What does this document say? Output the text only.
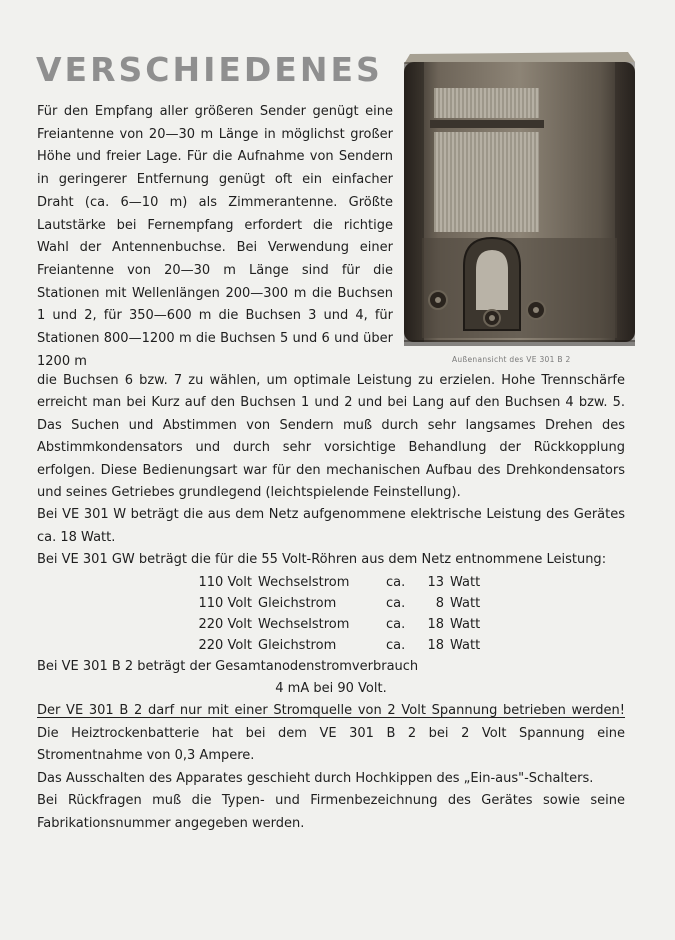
VERSCHIEDENES
Für den Empfang aller größeren Sender genügt eine Freiantenne von 20—30 m Länge in möglichst großer Höhe und freier Lage. Für die Aufnahme von Sendern in geringerer Entfernung genügt oft ein einfacher Draht (ca. 6—10 m) als Zimmerantenne. Größte Lautstärke bei Fernempfang erfordert die richtige Wahl der Antennenbuchse. Bei Verwendung einer Freiantenne von 20—30 m Länge sind für die Stationen mit Wellenlängen 200—300 m die Buchsen 1 und 2, für 350—600 m die Buchsen 3 und 4, für Stationen 800—1200 m die Buchsen 5 und 6 und über 1200 m	Außenansicht des VE 301 B 2

die Buchsen 6 bzw. 7 zu wählen, um optimale Leistung zu erzielen. Hohe Trennschärfe erreicht man bei Kurz auf den Buchsen 1 und 2 und bei Lang auf den Buchsen 4 bzw. 5. Das Suchen und Abstimmen von Sendern muß durch sehr langsames Drehen des Abstimmkondensators und durch sehr vorsichtige Behandlung der Rückkopplung erfolgen. Diese Bedienungsart war für den mechanischen Aufbau des Drehkondensators und seines Getriebes grundlegend (leichtspielende Feinstellung).

Bei VE 301 W beträgt die aus dem Netz aufgenommene elektrische Leistung des Gerätes ca. 18 Watt.

Bei VE 301 GW beträgt die für die 55 Volt-Röhren aus dem Netz entnommene Leistung:

110 Volt	Wechselstrom	ca.	13	Watt
110 Volt	Gleichstrom	ca.	8	Watt
220 Volt	Wechselstrom	ca.	18	Watt
220 Volt	Gleichstrom	ca.	18	Watt

Bei VE 301 B 2 beträgt der Gesamtanodenstromverbrauch

4 mA bei 90 Volt.

Der VE 301 B 2 darf nur mit einer Stromquelle von 2 Volt Spannung betrieben werden! Die Heiztrockenbatterie hat bei dem VE 301 B 2 bei 2 Volt Spannung eine Stromentnahme von 0,3 Ampere.

Das Ausschalten des Apparates geschieht durch Hochkippen des „Ein-aus"-Schalters.

Bei Rückfragen muß die Typen- und Firmenbezeichnung des Gerätes sowie seine Fabrikationsnummer angegeben werden.
